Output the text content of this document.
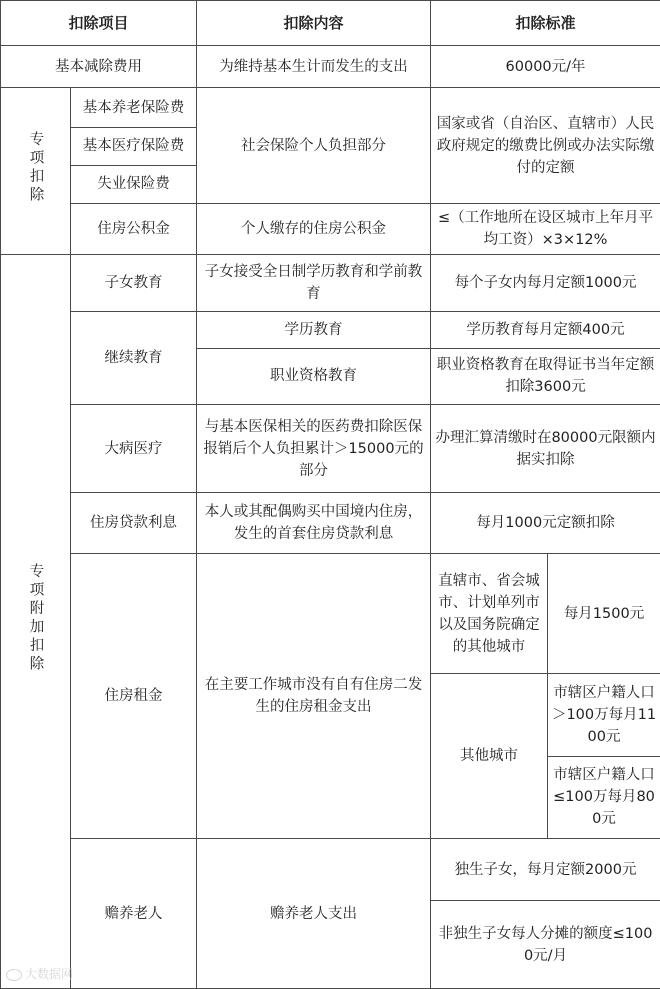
扣除项目		扣除内容	扣除标准	
基本减除费用		为维持基本生计而发生的支出	60000元/年	
专项扣除	基本养老保险费	社会保险个人负担部分	国家或省（自治区、直辖市）人民政府规定的缴费比例或办法实际缴付的定额	
	基本医疗保险费			
	失业保险费			
	住房公积金	个人缴存的住房公积金	≤（工作地所在设区城市上年月平均工资）×3×12%	
专项附加扣除	子女教育	子女接受全日制学历教育和学前教育	每个子女内每月定额1000元	
	继续教育	学历教育	学历教育每月定额400元	
		职业资格教育	职业资格教育在取得证书当年定额扣除3600元	
	大病医疗	与基本医保相关的医药费扣除医保报销后个人负担累计＞15000元的部分	办理汇算清缴时在80000元限额内据实扣除	
	住房贷款利息	本人或其配偶购买中国境内住房，发生的首套住房贷款利息	每月1000元定额扣除	
	住房租金	在主要工作城市没有自有住房二发生的住房租金支出	直辖市、省会城市、计划单列市以及国务院确定的其他城市	每月1500元
			其他城市	市辖区户籍人口＞100万每月1100元
				市辖区户籍人口≤100万每月800元
	赡养老人	赡养老人支出	独生子女，每月定额2000元	
			非独生子女每人分摊的额度≤1000元/月	
大数据网
